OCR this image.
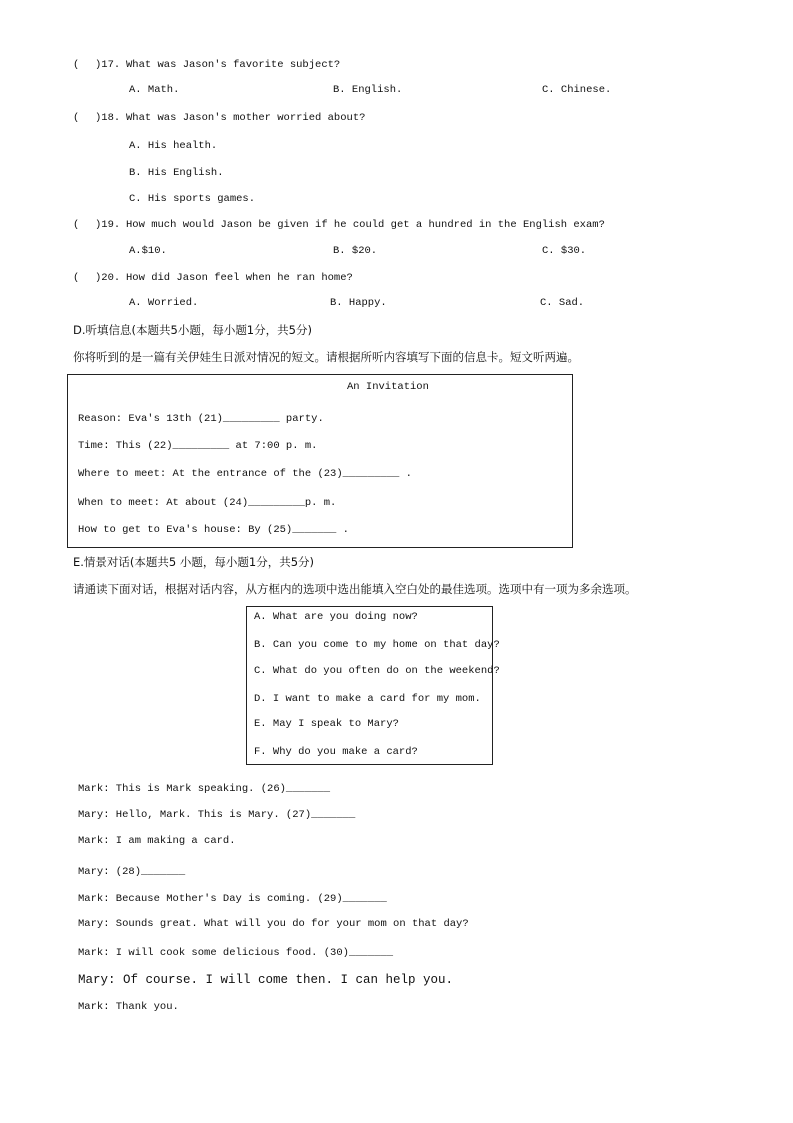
( )17. What was Jason's favorite subject?
A. Math.	B. English.	C. Chinese.
( )18. What was Jason's mother worried about?
A. His health.
B. His English.
C. His sports games.
( )19. How much would Jason be given if he could get a hundred in the English exam?
A.$10.	B. $20.	C. $30.
( )20. How did Jason feel when he ran home?
A. Worried.	B. Happy.	C. Sad.
D.听填信息(本题共5小题，每小题1分，共5分)
你将听到的是一篇有关伊娃生日派对情况的短文。请根据所听内容填写下面的信息卡。短文听两遍。
An Invitation
Reason: Eva's 13th (21)_________ party.
Time: This (22)_________ at 7:00 p. m.
Where to meet: At the entrance of the (23)_________ .
When to meet: At about (24)_________p. m.
How to get to Eva's house: By (25)_______ .
E.情景对话(本题共5 小题，每小题1分，共5分)
请通读下面对话，根据对话内容，从方框内的选项中选出能填入空白处的最佳选项。选项中有一项为多余选项。
A. What are you doing now?
B. Can you come to my home on that day?
C. What do you often do on the weekend?
D. I want to make a card for my mom.
E. May I speak to Mary?
F. Why do you make a card?
Mark: This is Mark speaking. (26)_______
Mary: Hello, Mark. This is Mary. (27)_______
Mark: I am making a card.
Mary: (28)_______
Mark: Because Mother's Day is coming. (29)_______
Mary: Sounds great. What will you do for your mom on that day?
Mark: I will cook some delicious food. (30)_______
Mary: Of course. I will come then. I can help you.
Mark: Thank you.
